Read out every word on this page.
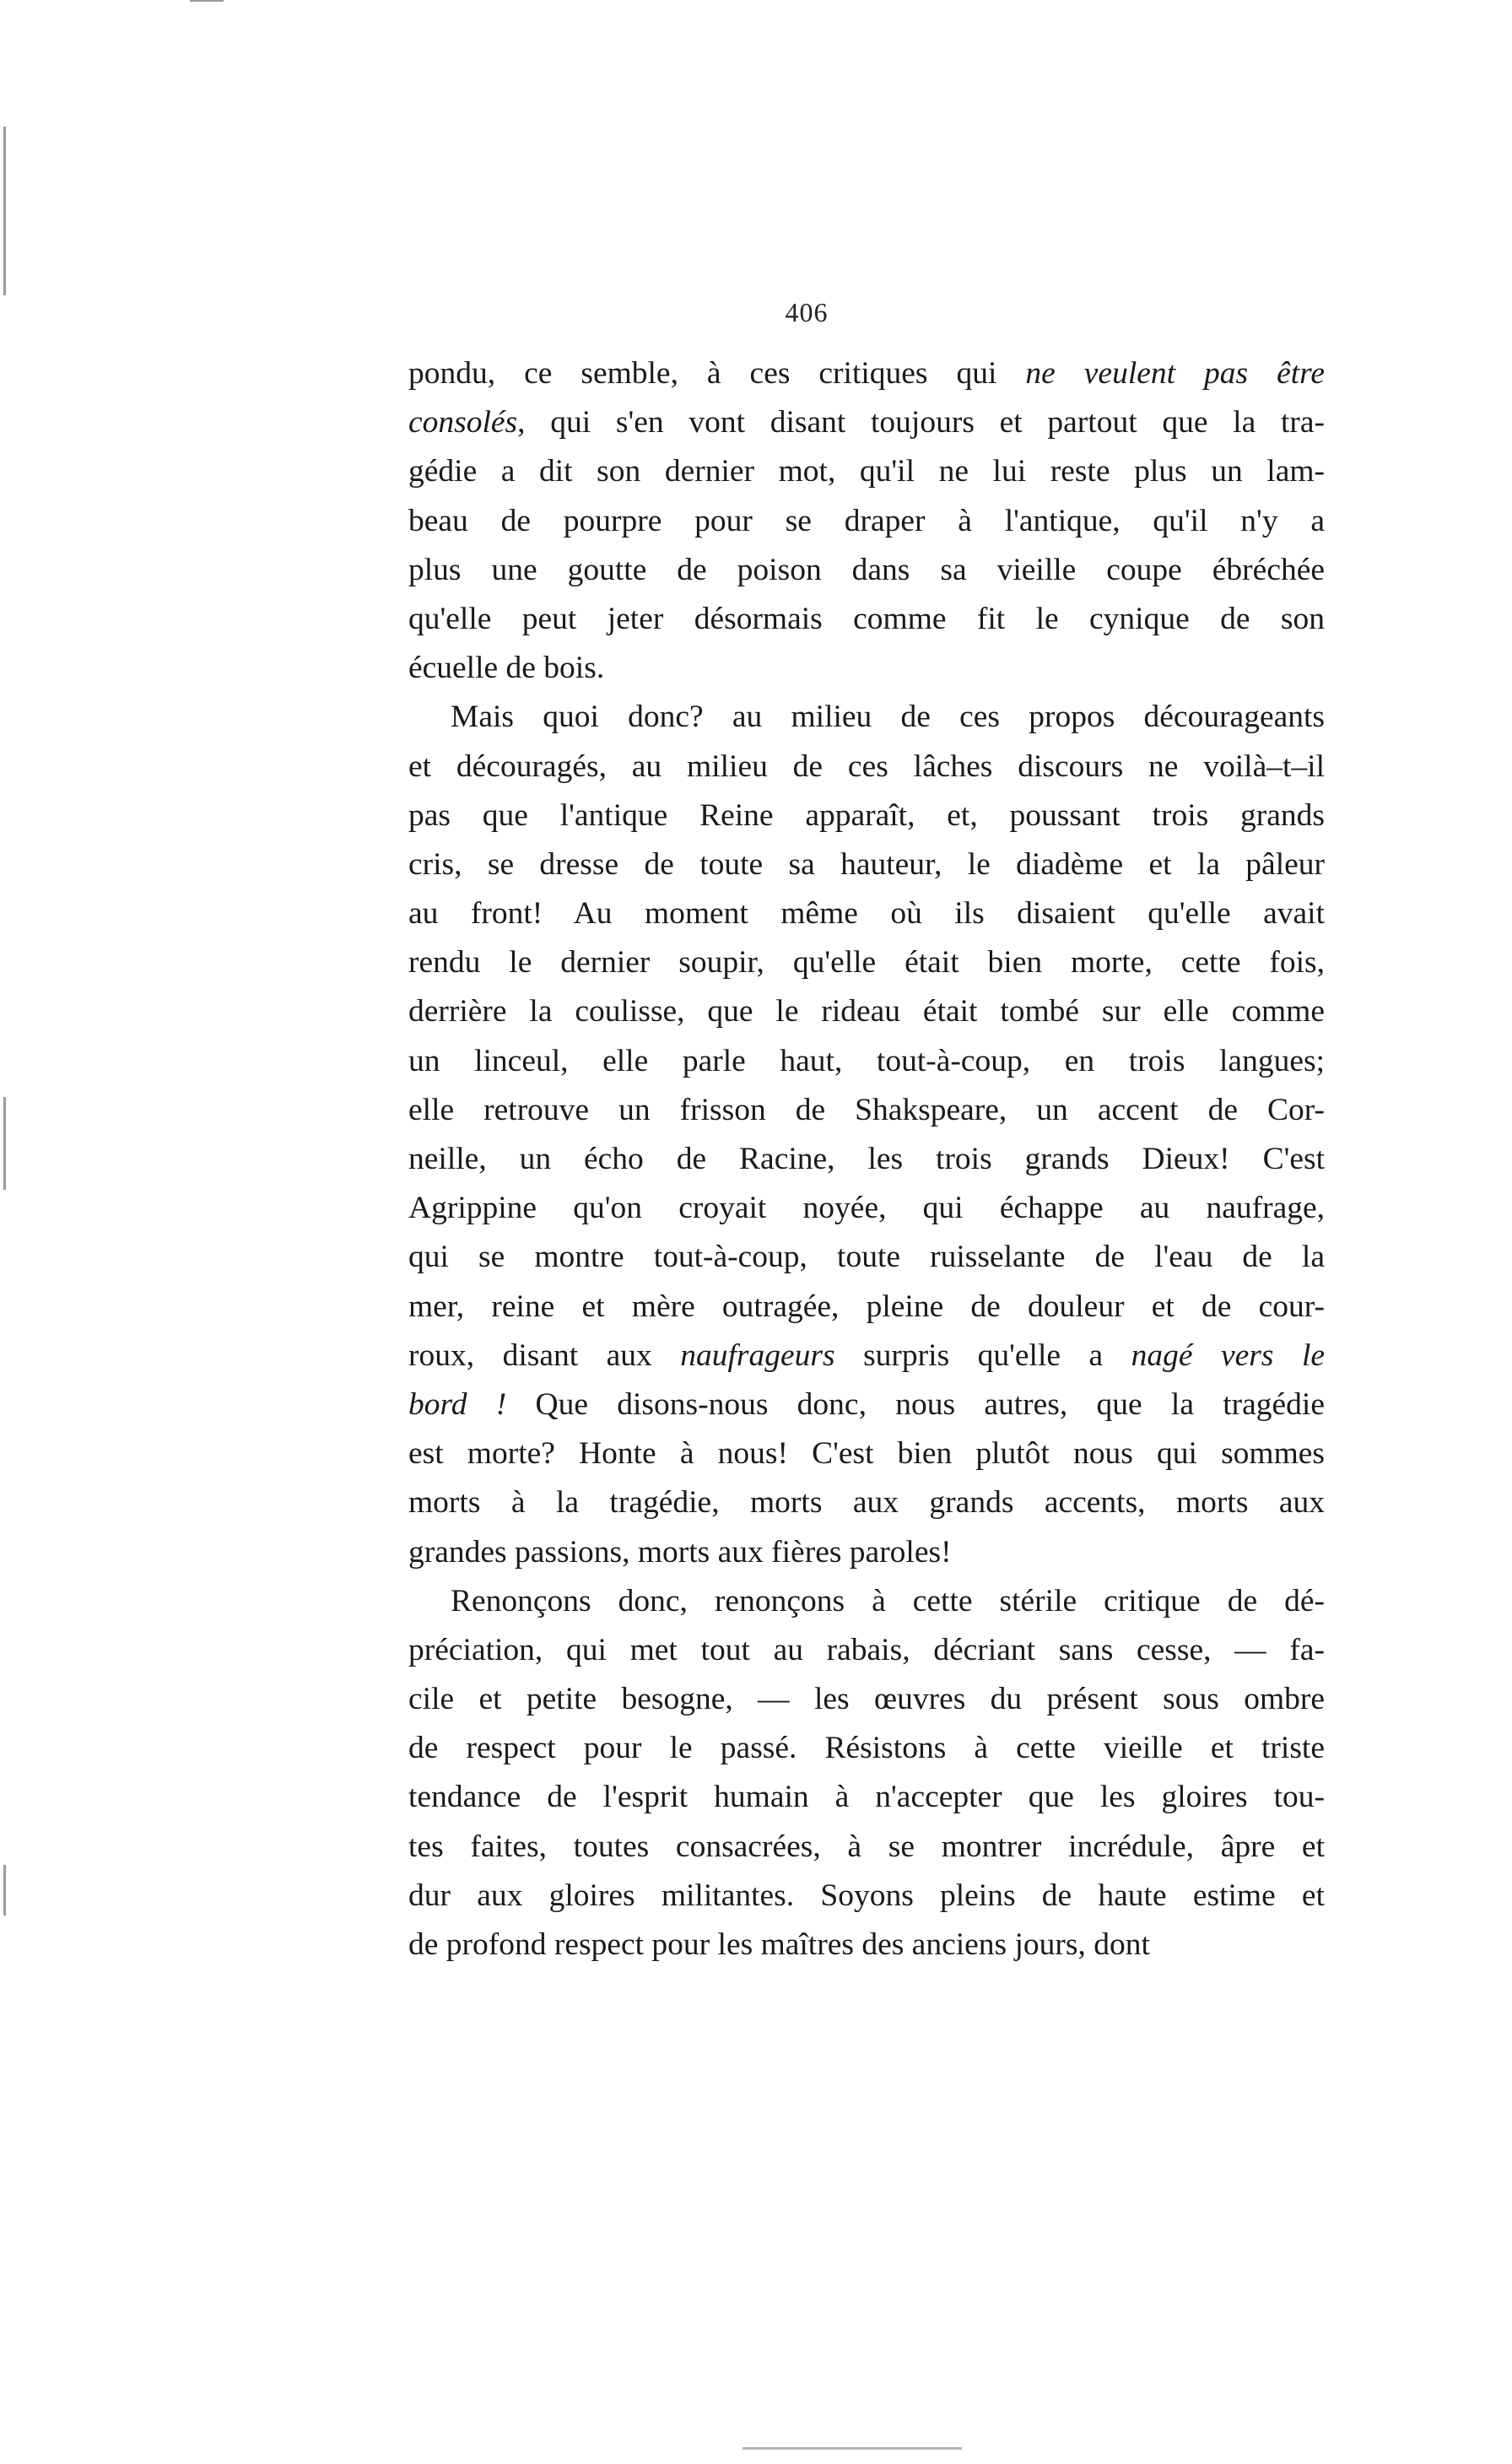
406
pondu, ce semble, à ces critiques qui ne veulent pas être
consolés, qui s'en vont disant toujours et partout que la tra-
gédie a dit son dernier mot, qu'il ne lui reste plus un lam-
beau de pourpre pour se draper à l'antique, qu'il n'y a
plus une goutte de poison dans sa vieille coupe ébréchée
qu'elle peut jeter désormais comme fit le cynique de son
écuelle de bois.
Mais quoi donc? au milieu de ces propos décourageants
et découragés, au milieu de ces lâches discours ne voilà–t–il
pas que l'antique Reine apparaît, et, poussant trois grands
cris, se dresse de toute sa hauteur, le diadème et la pâleur
au front! Au moment même où ils disaient qu'elle avait
rendu le dernier soupir, qu'elle était bien morte, cette fois,
derrière la coulisse, que le rideau était tombé sur elle comme
un linceul, elle parle haut, tout-à-coup, en trois langues;
elle retrouve un frisson de Shakspeare, un accent de Cor-
neille, un écho de Racine, les trois grands Dieux! C'est
Agrippine qu'on croyait noyée, qui échappe au naufrage,
qui se montre tout-à-coup, toute ruisselante de l'eau de la
mer, reine et mère outragée, pleine de douleur et de cour-
roux, disant aux naufrageurs surpris qu'elle a nagé vers le
bord ! Que disons-nous donc, nous autres, que la tragédie
est morte? Honte à nous! C'est bien plutôt nous qui sommes
morts à la tragédie, morts aux grands accents, morts aux
grandes passions, morts aux fières paroles!
Renonçons donc, renonçons à cette stérile critique de dé-
préciation, qui met tout au rabais, décriant sans cesse, — fa-
cile et petite besogne, — les œuvres du présent sous ombre
de respect pour le passé. Résistons à cette vieille et triste
tendance de l'esprit humain à n'accepter que les gloires tou-
tes faites, toutes consacrées, à se montrer incrédule, âpre et
dur aux gloires militantes. Soyons pleins de haute estime et
de profond respect pour les maîtres des anciens jours, dont
